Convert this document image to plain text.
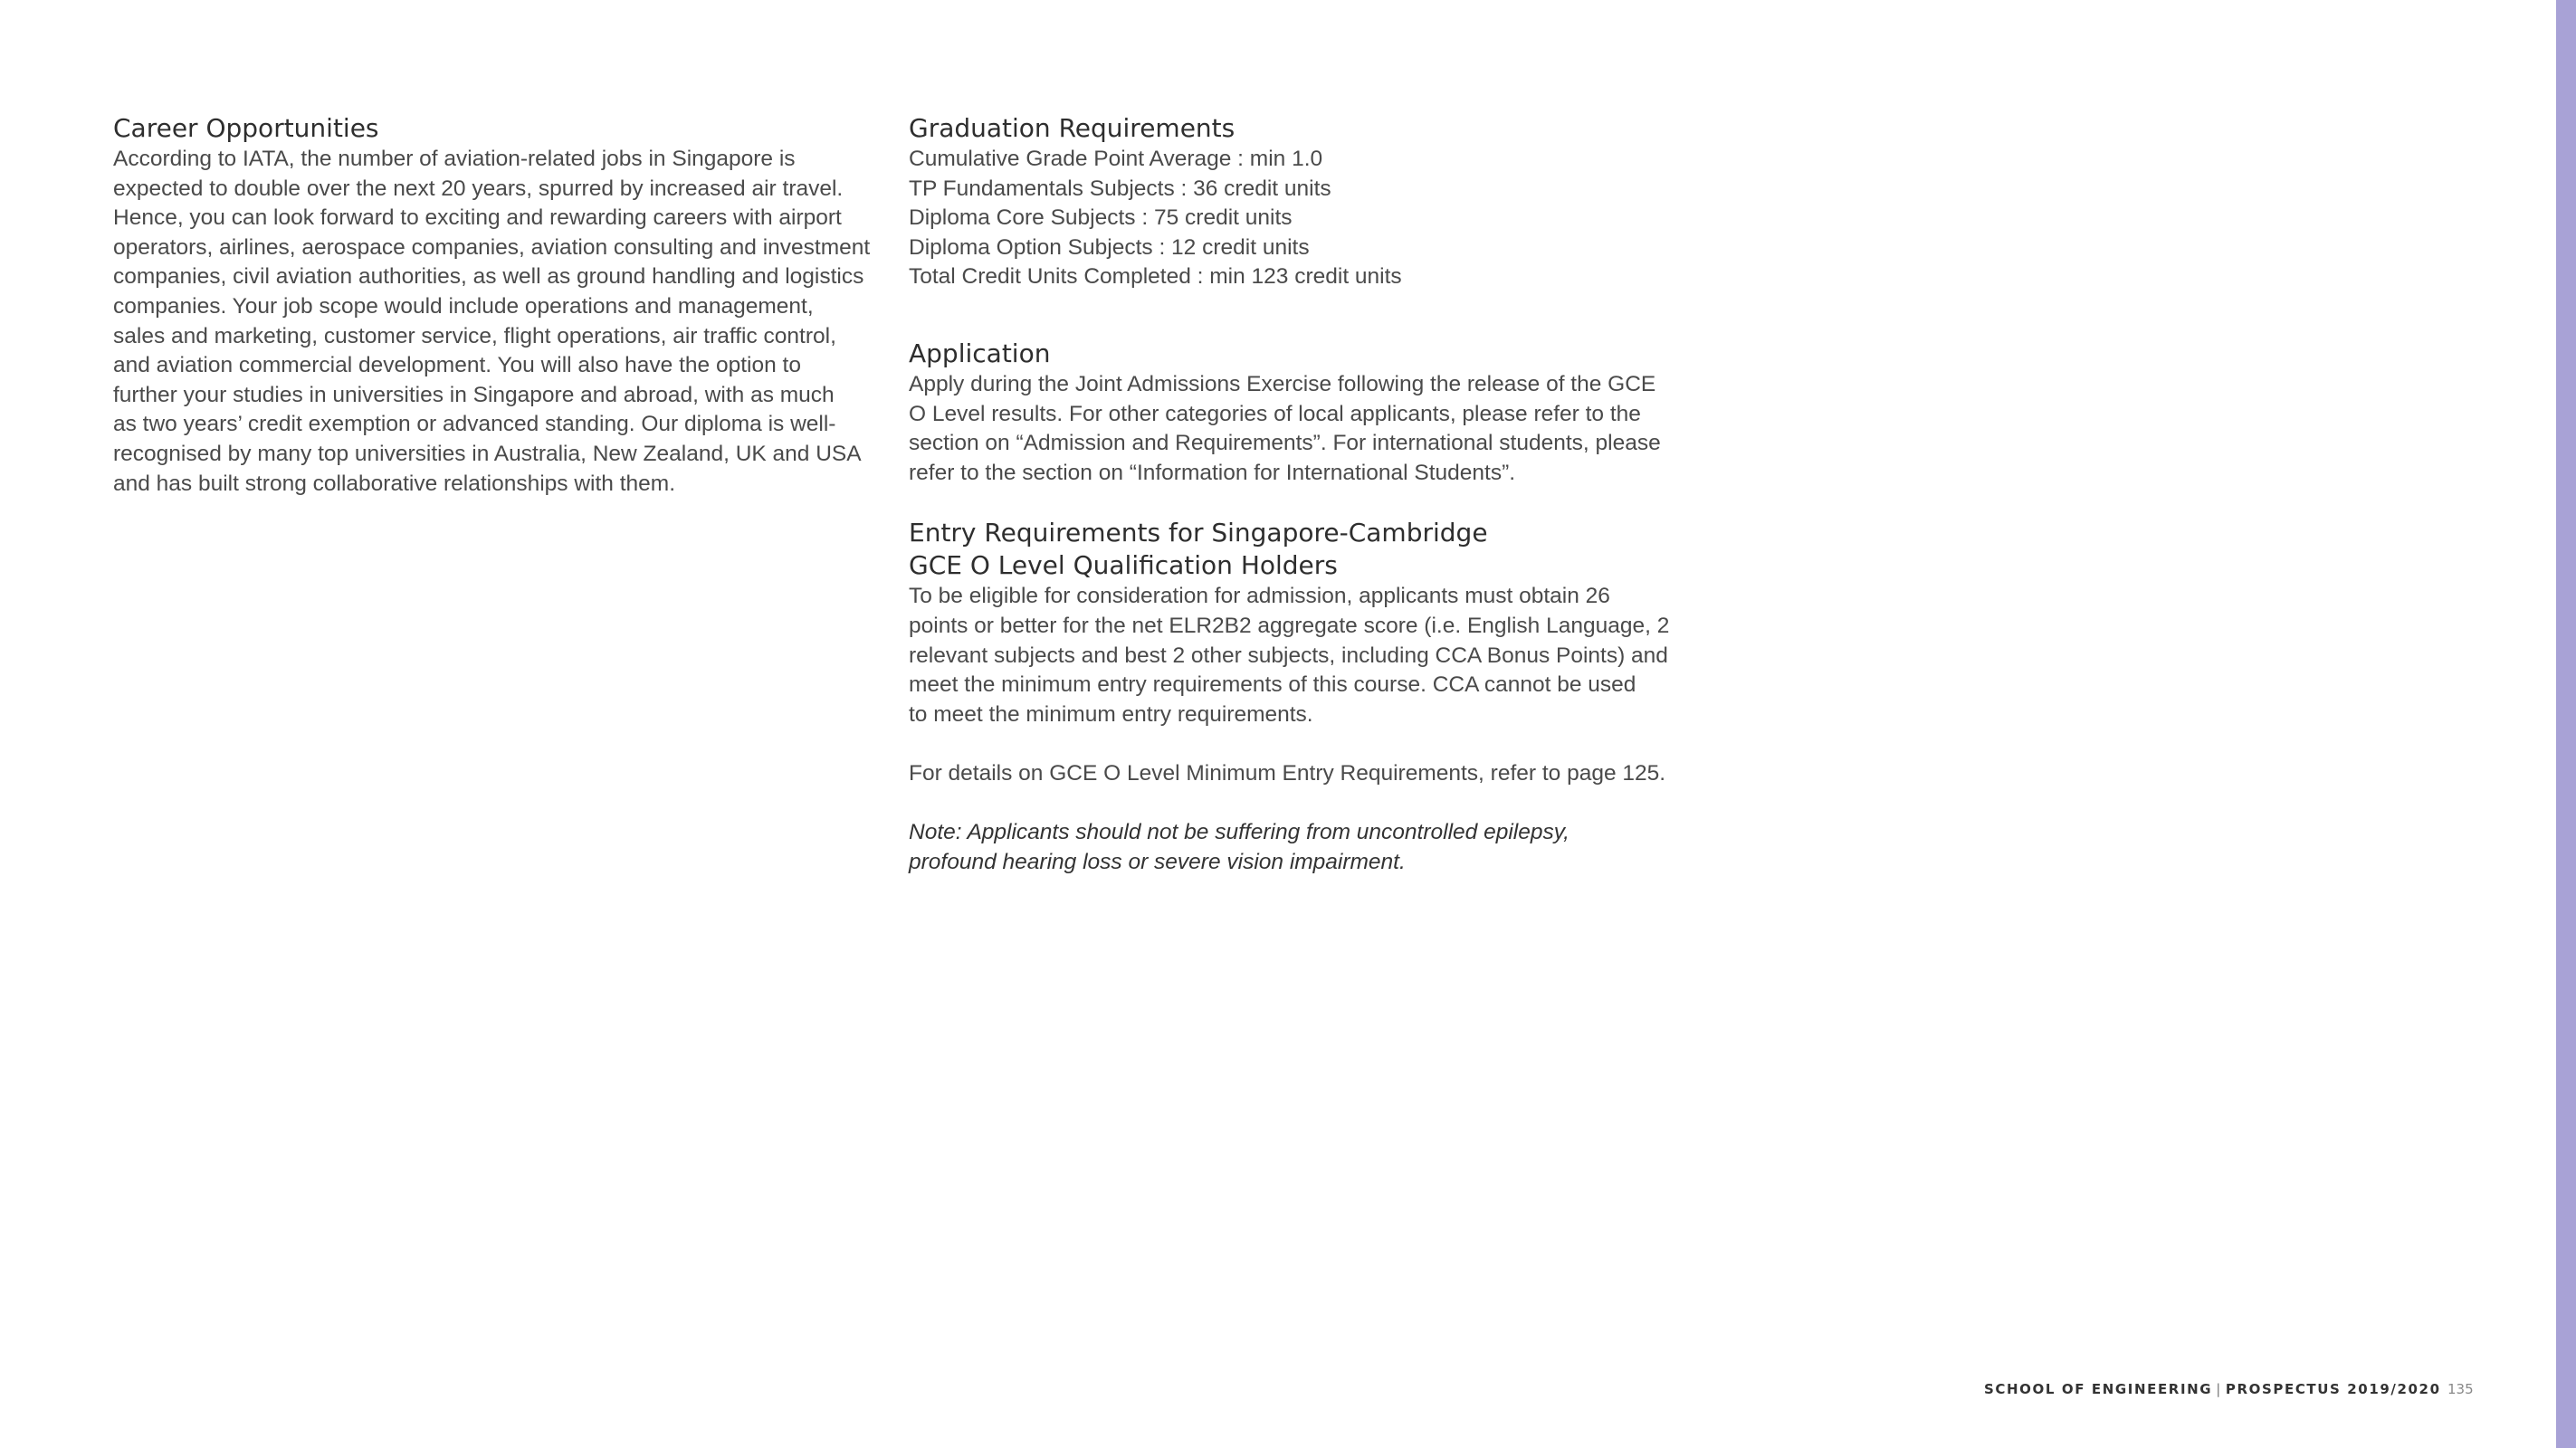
Career Opportunities

According to IATA, the number of aviation-related jobs in Singapore is
expected to double over the next 20 years, spurred by increased air travel.
Hence, you can look forward to exciting and rewarding careers with airport
operators, airlines, aerospace companies, aviation consulting and investment
companies, civil aviation authorities, as well as ground handling and logistics
companies. Your job scope would include operations and management,
sales and marketing, customer service, flight operations, air traffic control,
and aviation commercial development. You will also have the option to
further your studies in universities in Singapore and abroad, with as much
as two years’ credit exemption or advanced standing. Our diploma is well-
recognised by many top universities in Australia, New Zealand, UK and USA
and has built strong collaborative relationships with them.

Graduation Requirements

Cumulative Grade Point Average : min 1.0
TP Fundamentals Subjects : 36 credit units
Diploma Core Subjects : 75 credit units
Diploma Option Subjects : 12 credit units
Total Credit Units Completed : min 123 credit units

Application

Apply during the Joint Admissions Exercise following the release of the GCE
O Level results. For other categories of local applicants, please refer to the
section on “Admission and Requirements”. For international students, please
refer to the section on “Information for International Students”.

Entry Requirements for Singapore-Cambridge
GCE O Level Qualification Holders

To be eligible for consideration for admission, applicants must obtain 26
points or better for the net ELR2B2 aggregate score (i.e. English Language, 2
relevant subjects and best 2 other subjects, including CCA Bonus Points) and
meet the minimum entry requirements of this course. CCA cannot be used
to meet the minimum entry requirements.

For details on GCE O Level Minimum Entry Requirements, refer to page 125.

Note: Applicants should not be suffering from uncontrolled epilepsy,
profound hearing loss or severe vision impairment.

SCHOOL OF ENGINEERING | PROSPECTUS 2019/2020 135
